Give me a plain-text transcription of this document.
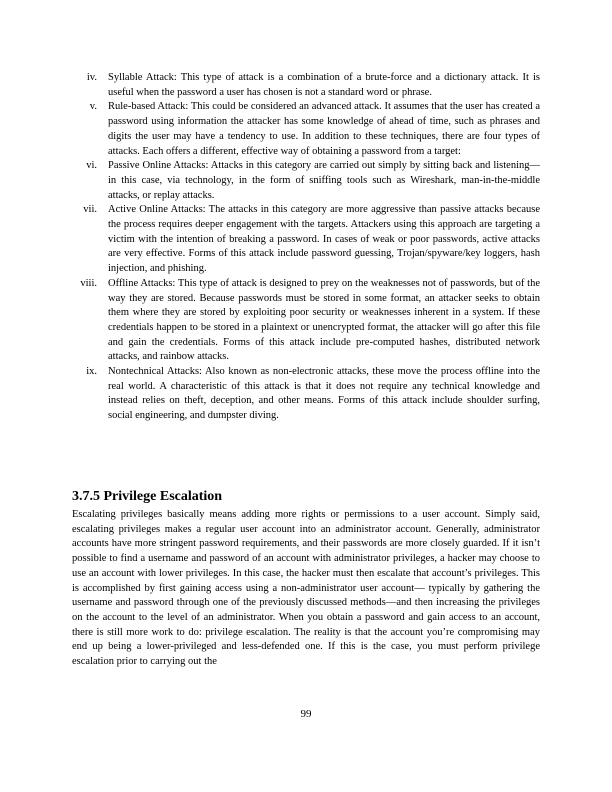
iv. Syllable Attack: This type of attack is a combination of a brute-force and a dictionary attack. It is useful when the password a user has chosen is not a standard word or phrase.

v. Rule-based Attack: This could be considered an advanced attack. It assumes that the user has created a password using information the attacker has some knowledge of ahead of time, such as phrases and digits the user may have a tendency to use. In addition to these techniques, there are four types of attacks. Each offers a different, effective way of obtaining a password from a target:

vi. Passive Online Attacks: Attacks in this category are carried out simply by sitting back and listening—in this case, via technology, in the form of sniffing tools such as Wireshark, man-in-the-middle attacks, or replay attacks.

vii. Active Online Attacks: The attacks in this category are more aggressive than passive attacks because the process requires deeper engagement with the targets. Attackers using this approach are targeting a victim with the intention of breaking a password. In cases of weak or poor passwords, active attacks are very effective. Forms of this attack include password guessing, Trojan/spyware/key loggers, hash injection, and phishing.

viii. Offline Attacks: This type of attack is designed to prey on the weaknesses not of passwords, but of the way they are stored. Because passwords must be stored in some format, an attacker seeks to obtain them where they are stored by exploiting poor security or weaknesses inherent in a system. If these credentials happen to be stored in a plaintext or unencrypted format, the attacker will go after this file and gain the credentials. Forms of this attack include pre-computed hashes, distributed network attacks, and rainbow attacks.

ix. Nontechnical Attacks: Also known as non-electronic attacks, these move the process offline into the real world. A characteristic of this attack is that it does not require any technical knowledge and instead relies on theft, deception, and other means. Forms of this attack include shoulder surfing, social engineering, and dumpster diving.

3.7.5 Privilege Escalation

Escalating privileges basically means adding more rights or permissions to a user account. Simply said, escalating privileges makes a regular user account into an administrator account. Generally, administrator accounts have more stringent password requirements, and their passwords are more closely guarded. If it isn’t possible to find a username and password of an account with administrator privileges, a hacker may choose to use an account with lower privileges. In this case, the hacker must then escalate that account’s privileges. This is accomplished by first gaining access using a non-administrator user account— typically by gathering the username and password through one of the previously discussed methods—and then increasing the privileges on the account to the level of an administrator. When you obtain a password and gain access to an account, there is still more work to do: privilege escalation. The reality is that the account you’re compromising may end up being a lower-privileged and less-defended one. If this is the case, you must perform privilege escalation prior to carrying out the

99
